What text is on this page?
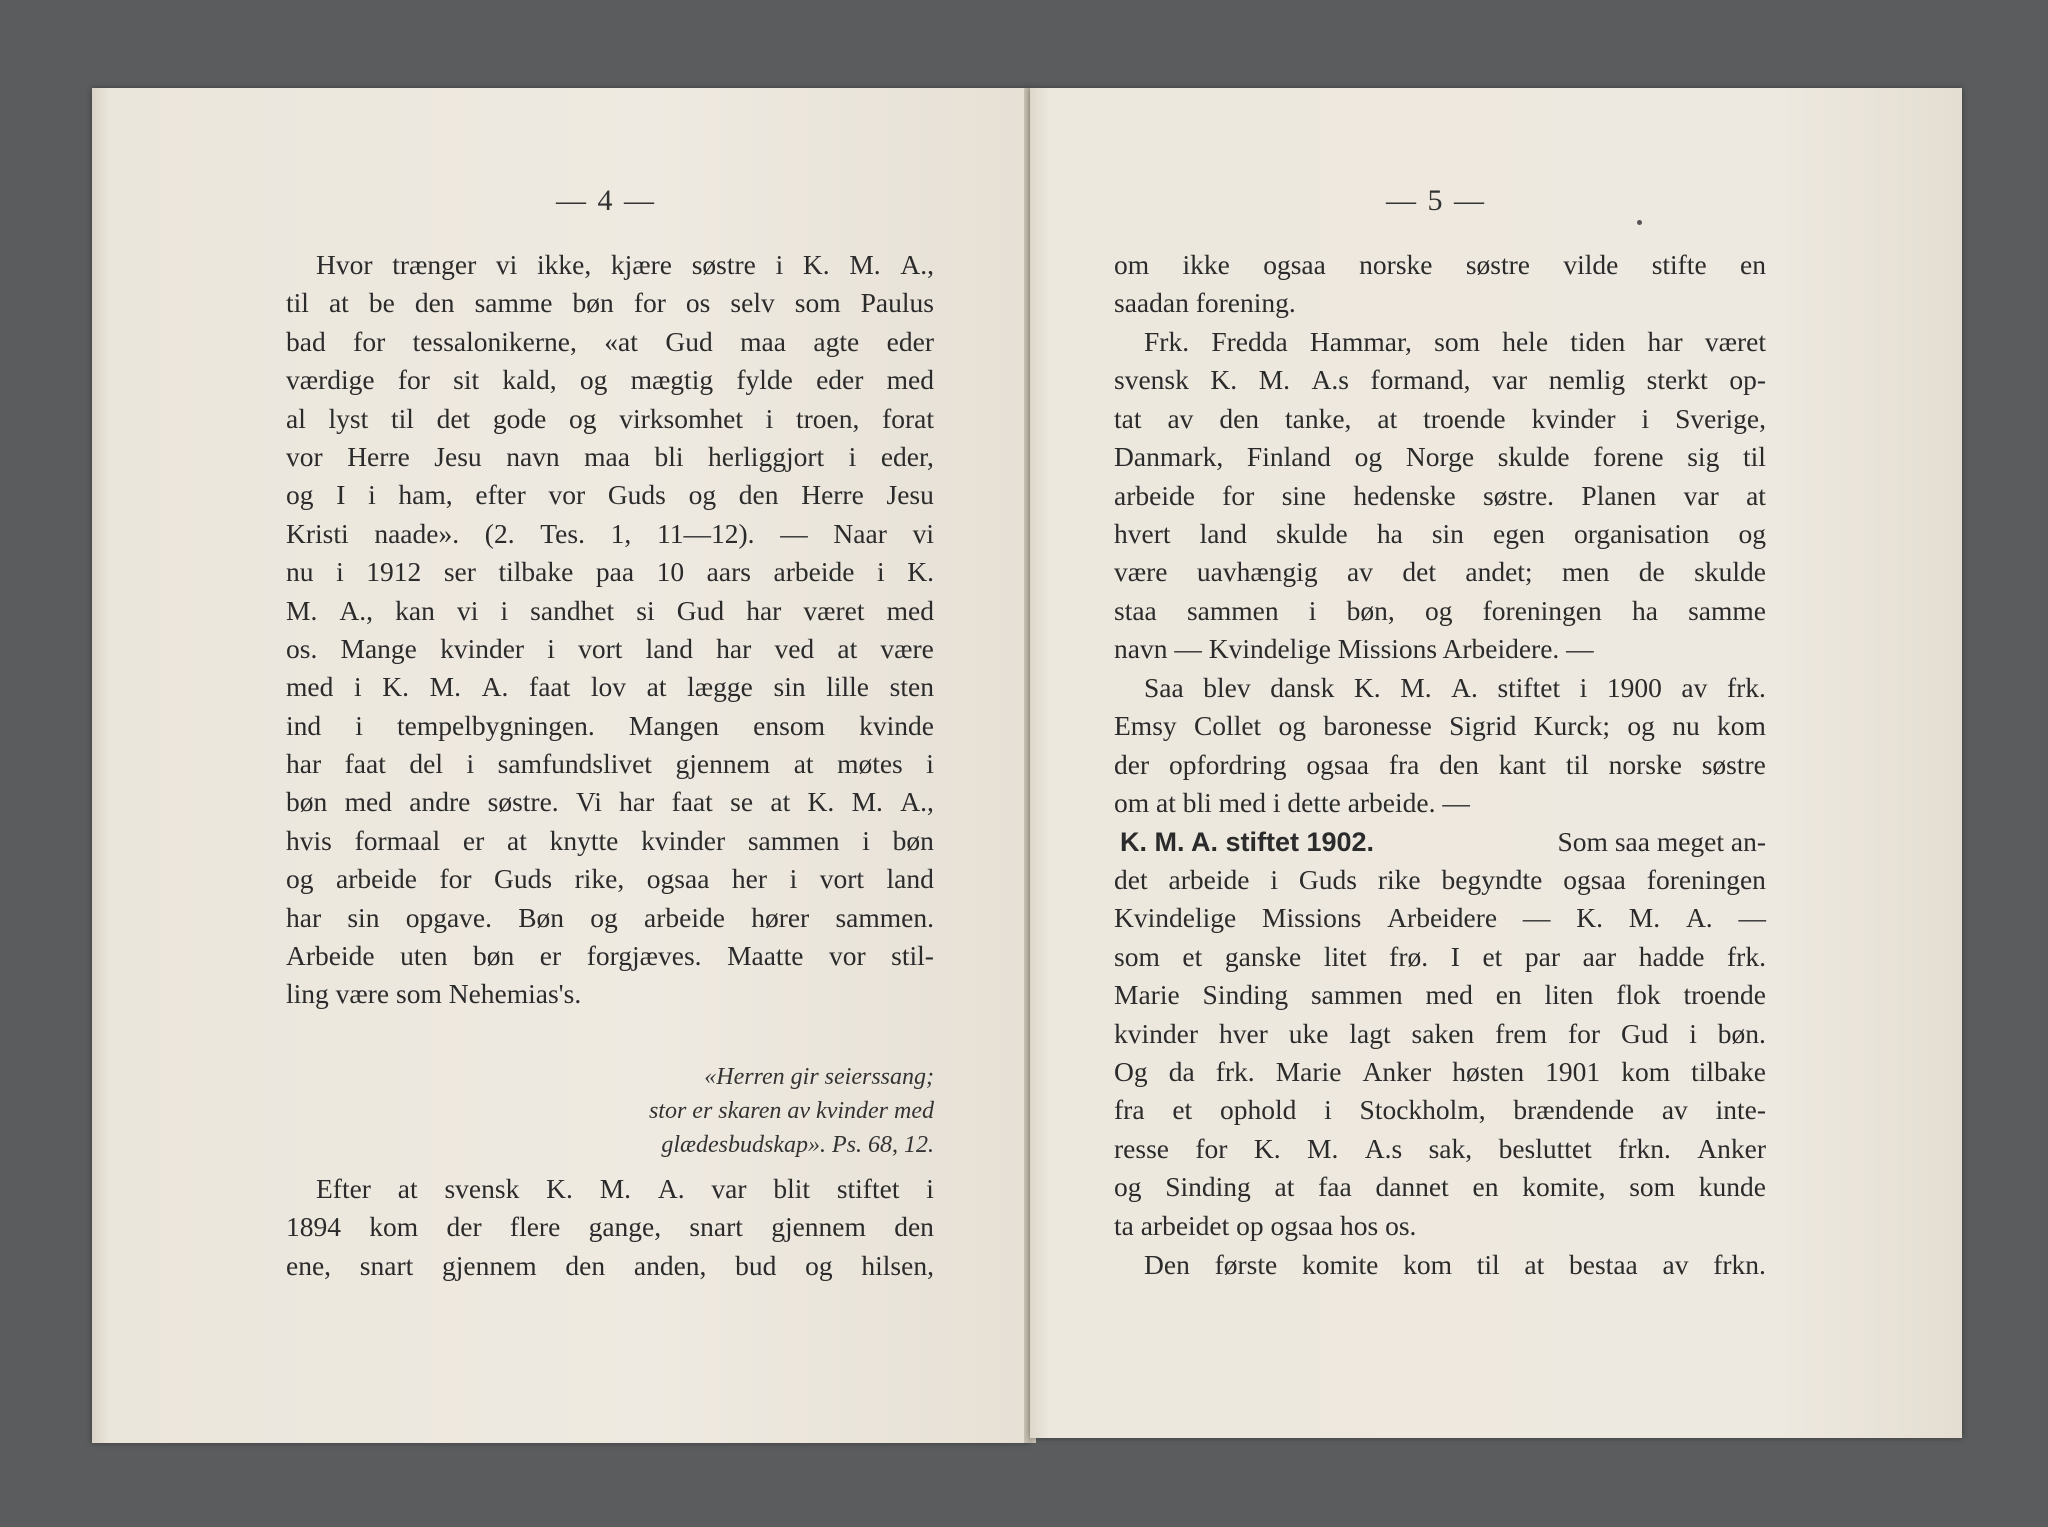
— 4 —
Hvor trænger vi ikke, kjære søstre i K. M. A.,
til at be den samme bøn for os selv som Paulus
bad for tessalonikerne, «at Gud maa agte eder
værdige for sit kald, og mægtig fylde eder med
al lyst til det gode og virksomhet i troen, forat
vor Herre Jesu navn maa bli herliggjort i eder,
og I i ham, efter vor Guds og den Herre Jesu
Kristi naade». (2. Tes. 1, 11—12). — Naar vi
nu i 1912 ser tilbake paa 10 aars arbeide i K.
M. A., kan vi i sandhet si Gud har været med
os. Mange kvinder i vort land har ved at være
med i K. M. A. faat lov at lægge sin lille sten
ind i tempelbygningen. Mangen ensom kvinde
har faat del i samfundslivet gjennem at møtes i
bøn med andre søstre. Vi har faat se at K. M. A.,
hvis formaal er at knytte kvinder sammen i bøn
og arbeide for Guds rike, ogsaa her i vort land
har sin opgave. Bøn og arbeide hører sammen.
Arbeide uten bøn er forgjæves. Maatte vor stil-
ling være som Nehemias's.
«Herren gir seierssang;
stor er skaren av kvinder med
glædesbudskap». Ps. 68, 12.
Efter at svensk K. M. A. var blit stiftet i
1894 kom der flere gange, snart gjennem den
ene, snart gjennem den anden, bud og hilsen,
— 5 —
om ikke ogsaa norske søstre vilde stifte en
saadan forening.
Frk. Fredda Hammar, som hele tiden har været
svensk K. M. A.s formand, var nemlig sterkt op-
tat av den tanke, at troende kvinder i Sverige,
Danmark, Finland og Norge skulde forene sig til
arbeide for sine hedenske søstre. Planen var at
hvert land skulde ha sin egen organisation og
være uavhængig av det andet; men de skulde
staa sammen i bøn, og foreningen ha samme
navn — Kvindelige Missions Arbeidere. —
Saa blev dansk K. M. A. stiftet i 1900 av frk.
Emsy Collet og baronesse Sigrid Kurck; og nu kom
der opfordring ogsaa fra den kant til norske søstre
om at bli med i dette arbeide. —
K. M. A. stiftet 1902.	Som saa meget an-
det arbeide i Guds rike begyndte ogsaa foreningen
Kvindelige Missions Arbeidere — K. M. A. —
som et ganske litet frø. I et par aar hadde frk.
Marie Sinding sammen med en liten flok troende
kvinder hver uke lagt saken frem for Gud i bøn.
Og da frk. Marie Anker høsten 1901 kom tilbake
fra et ophold i Stockholm, brændende av inte-
resse for K. M. A.s sak, besluttet frkn. Anker
og Sinding at faa dannet en komite, som kunde
ta arbeidet op ogsaa hos os.
Den første komite kom til at bestaa av frkn.
